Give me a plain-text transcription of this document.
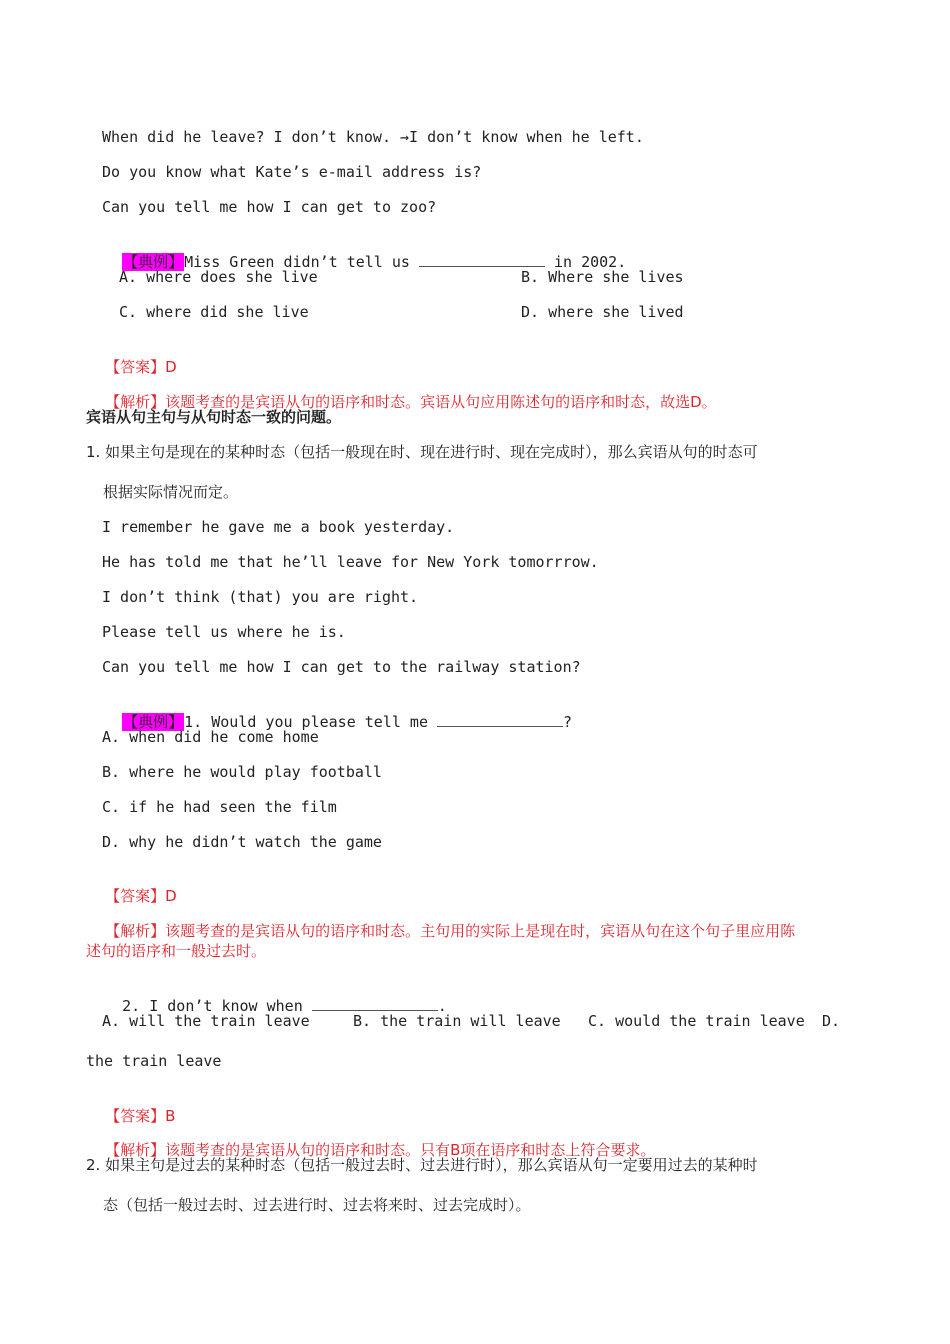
When did he leave? I don’t know. →I don’t know when he left.
Do you know what Kate’s e-mail address is?
Can you tell me how I can get to zoo?

【典例】Miss Green didn’t tell us	in 2002.

A. where does she live	B. Where she lives
C. where did she live	D. where she lived

【答案】D

【解析】该题考查的是宾语从句的语序和时态。宾语从句应用陈述句的语序和时态，故选D。

宾语从句主句与从句时态一致的问题。
1. 如果主句是现在的某种时态（包括一般现在时、现在进行时、现在完成时），那么宾语从句的时态可
根据实际情况而定。
I remember he gave me a book yesterday.
He has told me that he’ll leave for New York tomorrrow.
I don’t think (that) you are right.
Please tell us where he is.
Can you tell me how I can get to the railway station?

【典例】1. Would you please tell me	?

A. when did he come home
B. where he would play football
C. if he had seen the film
D. why he didn’t watch the game

【答案】D

【解析】该题考查的是宾语从句的语序和时态。主句用的实际上是现在时，宾语从句在这个句子里应用陈

述句的语序和一般过去时。

2. I don’t know when	.

A. will the train leave	B. the train will leave C. would the train leave D.
the train leave

【答案】B

【解析】该题考查的是宾语从句的语序和时态。只有B项在语序和时态上符合要求。

2. 如果主句是过去的某种时态（包括一般过去时、过去进行时），那么宾语从句一定要用过去的某种时
态（包括一般过去时、过去进行时、过去将来时、过去完成时）。
